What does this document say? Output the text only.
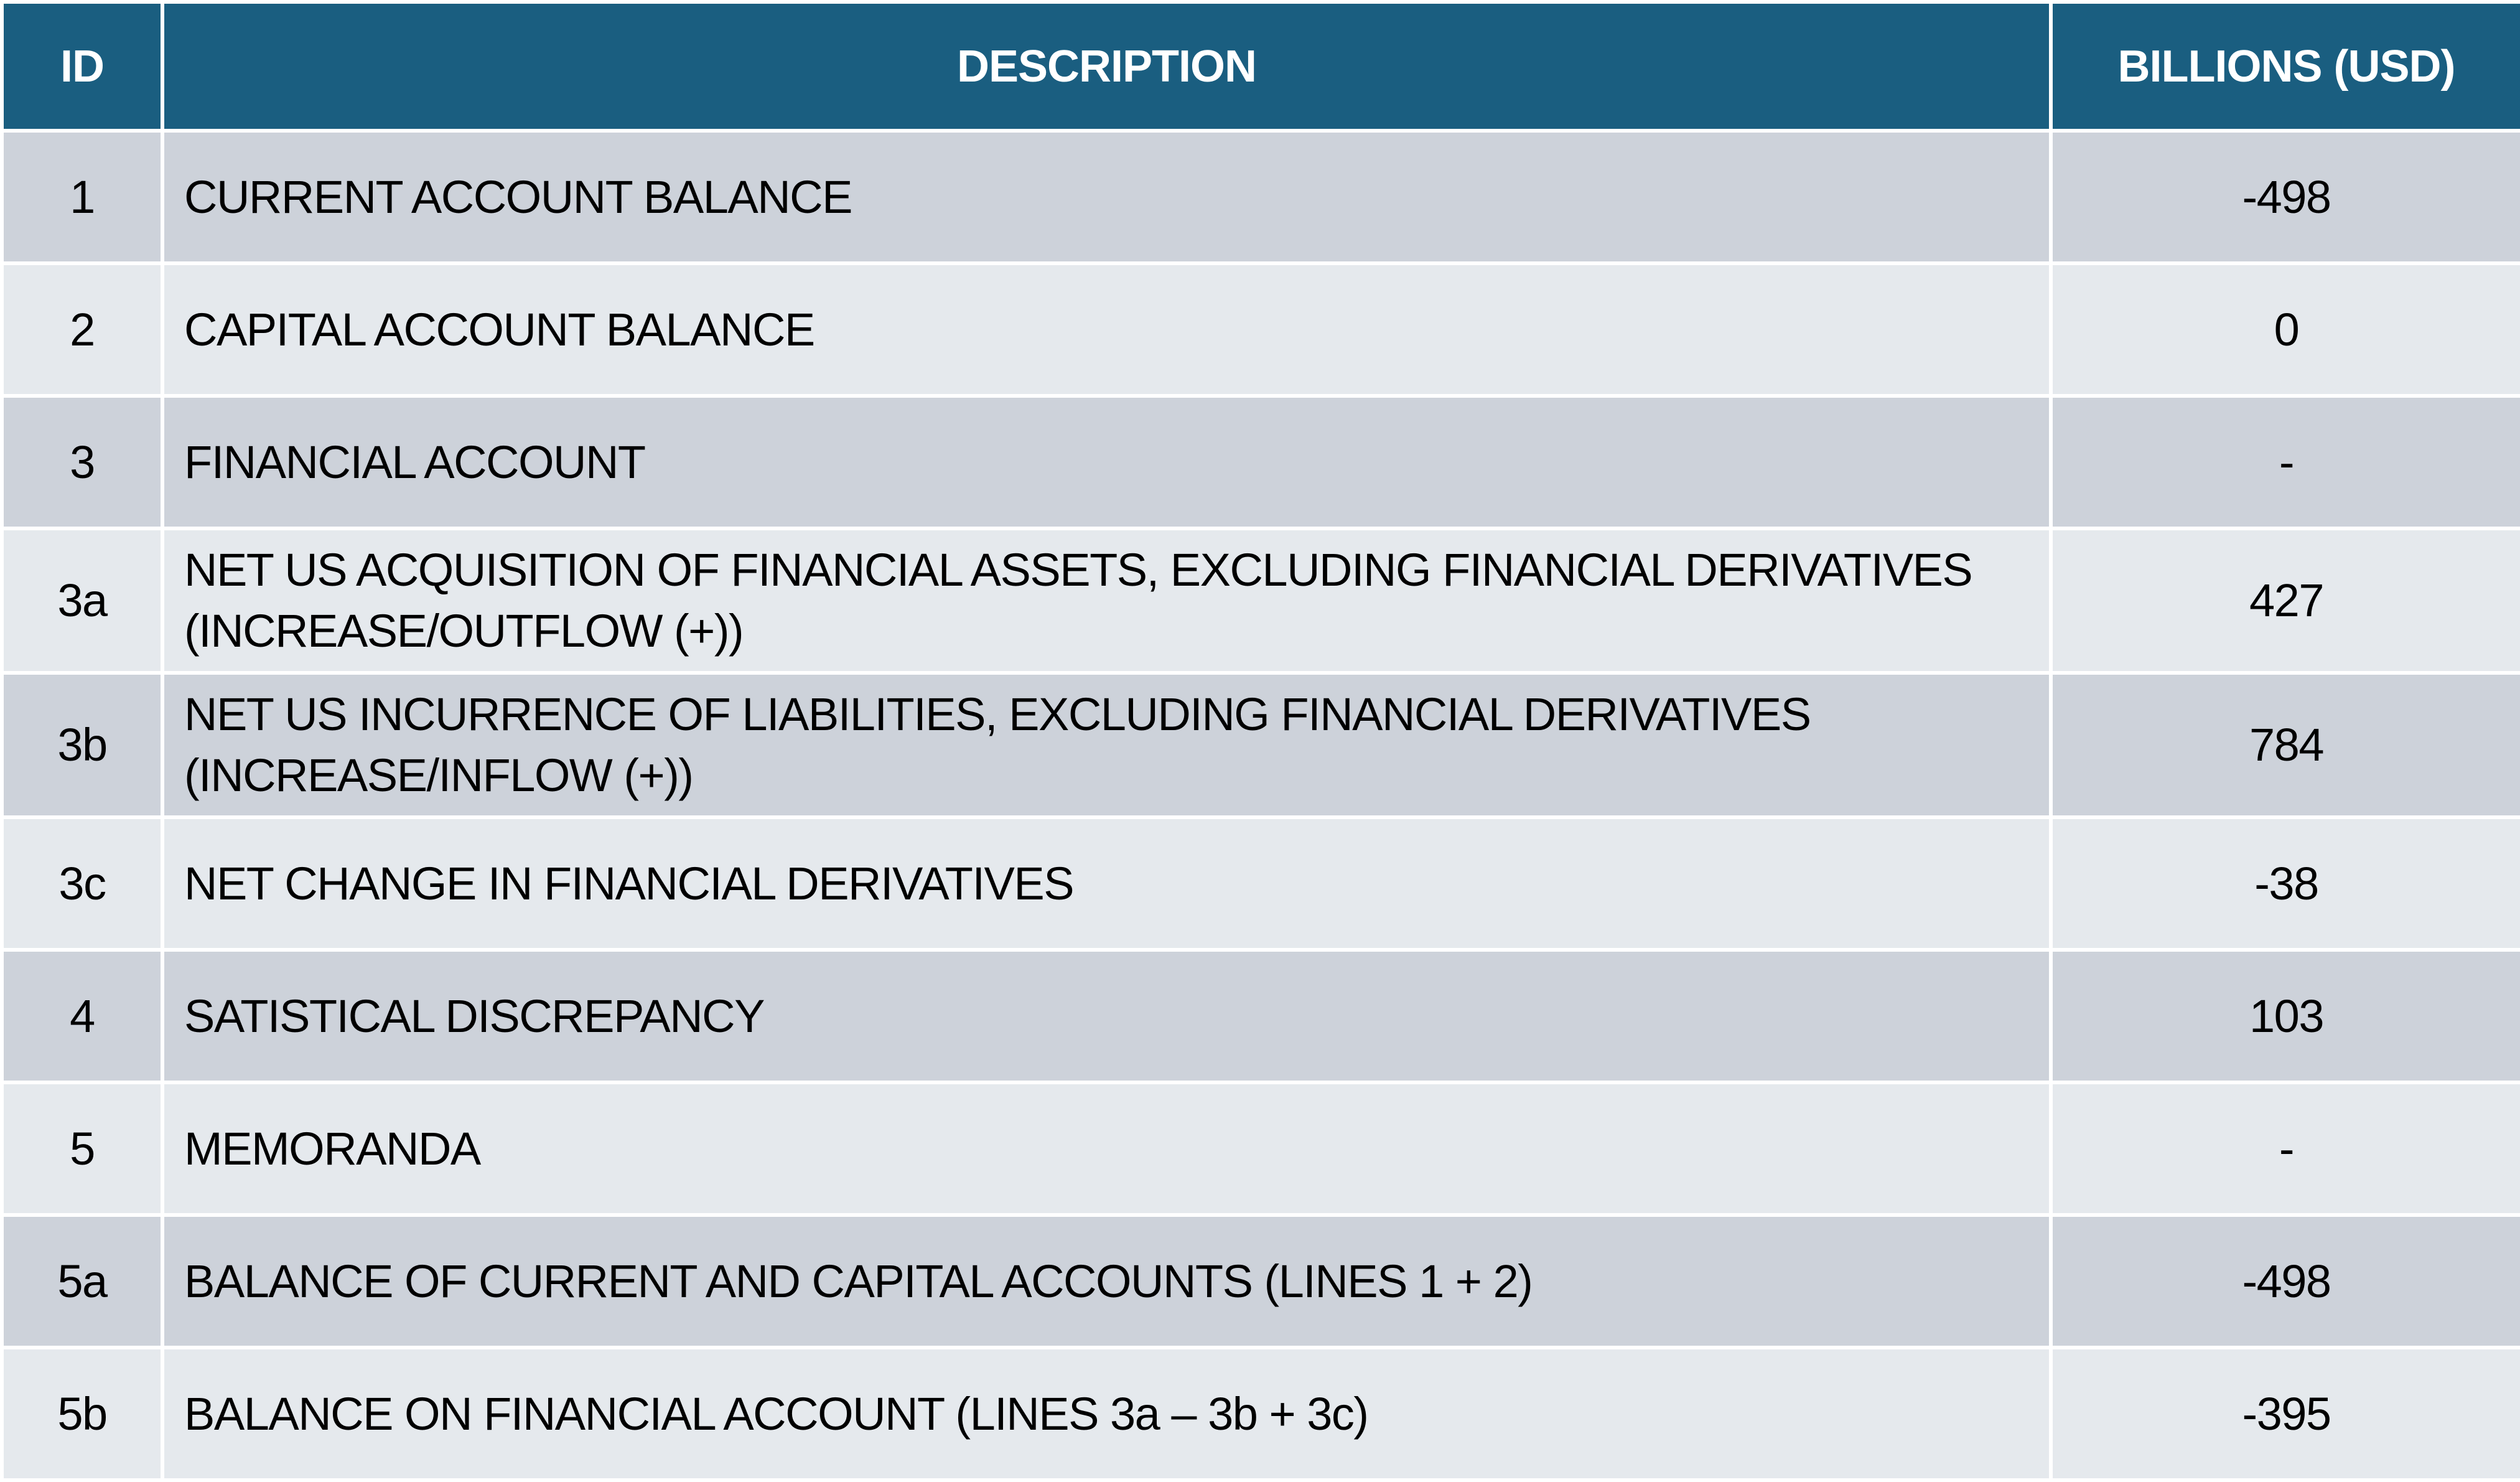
ID	DESCRIPTION	BILLIONS (USD)
1	CURRENT ACCOUNT BALANCE	-498
2	CAPITAL ACCOUNT BALANCE	0
3	FINANCIAL ACCOUNT	-
3a	NET US ACQUISITION OF FINANCIAL ASSETS, EXCLUDING FINANCIAL DERIVATIVES (INCREASE/OUTFLOW (+))	427
3b	NET US INCURRENCE OF LIABILITIES, EXCLUDING FINANCIAL DERIVATIVES (INCREASE/INFLOW (+))	784
3c	NET CHANGE IN FINANCIAL DERIVATIVES	-38
4	SATISTICAL DISCREPANCY	103
5	MEMORANDA	-
5a	BALANCE OF CURRENT AND CAPITAL ACCOUNTS (LINES 1 + 2)	-498
5b	BALANCE ON FINANCIAL ACCOUNT (LINES 3a – 3b + 3c)	-395
